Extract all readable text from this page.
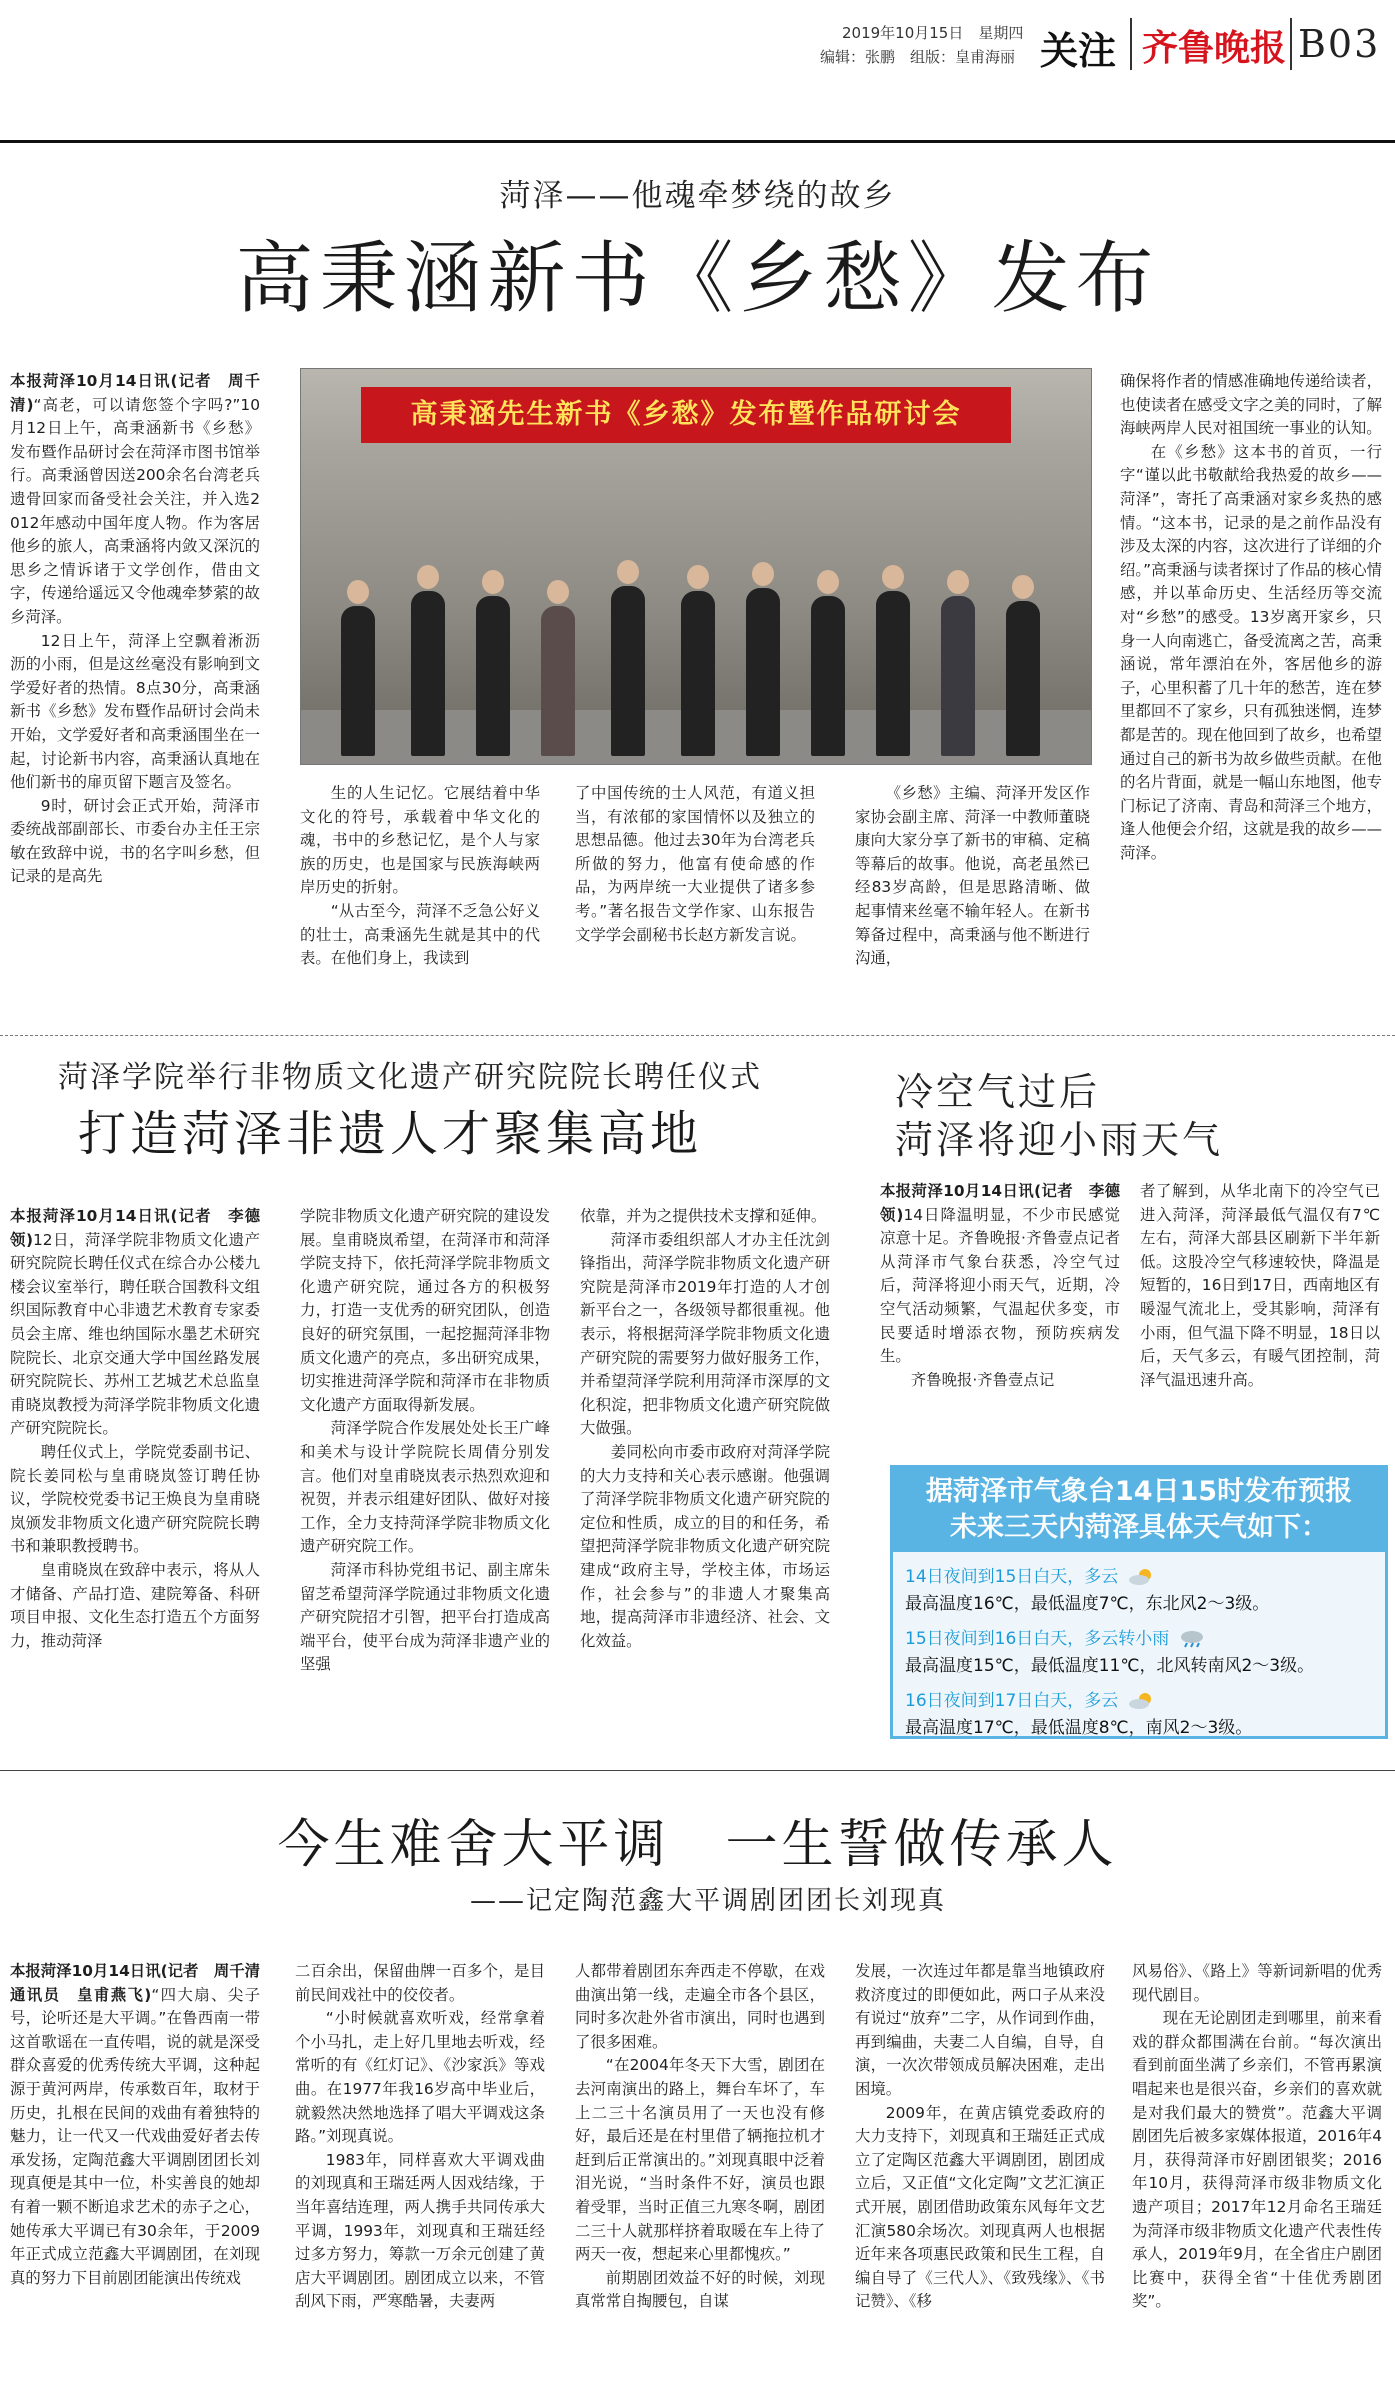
2019年10月15日　星期四
编辑：张鹏　组版：皇甫海丽 关注 齐鲁晚报 B03
菏泽——他魂牵梦绕的故乡
高秉涵新书《乡愁》发布

本报菏泽10月14日讯(记者　周千清)“高老，可以请您签个字吗?”10月12日上午，高秉涵新书《乡愁》发布暨作品研讨会在菏泽市图书馆举行。高秉涵曾因送200余名台湾老兵遗骨回家而备受社会关注，并入选2012年感动中国年度人物。作为客居他乡的旅人，高秉涵将内敛又深沉的思乡之情诉诸于文学创作，借由文字，传递给遥远又令他魂牵梦萦的故乡菏泽。

12日上午，菏泽上空飘着淅沥沥的小雨，但是这丝毫没有影响到文学爱好者的热情。8点30分，高秉涵新书《乡愁》发布暨作品研讨会尚未开始，文学爱好者和高秉涵围坐在一起，讨论新书内容，高秉涵认真地在他们新书的扉页留下题言及签名。

9时，研讨会正式开始，菏泽市委统战部副部长、市委台办主任王宗敏在致辞中说，书的名字叫乡愁，但记录的是高先

高秉涵先生新书《乡愁》发布暨作品研讨会

生的人生记忆。它展结着中华文化的符号，承载着中华文化的魂，书中的乡愁记忆，是个人与家族的历史，也是国家与民族海峡两岸历史的折射。

“从古至今，菏泽不乏急公好义的壮士，高秉涵先生就是其中的代表。在他们身上，我读到

了中国传统的士人风范，有道义担当，有浓郁的家国情怀以及独立的思想品德。他过去30年为台湾老兵所做的努力，他富有使命感的作品，为两岸统一大业提供了诸多参考。”著名报告文学作家、山东报告文学学会副秘书长赵方新发言说。

《乡愁》主编、菏泽开发区作家协会副主席、菏泽一中教师董晓康向大家分享了新书的审稿、定稿等幕后的故事。他说，高老虽然已经83岁高龄，但是思路清晰、做起事情来丝毫不输年轻人。在新书筹备过程中，高秉涵与他不断进行沟通，

确保将作者的情感准确地传递给读者，也使读者在感受文字之美的同时，了解海峡两岸人民对祖国统一事业的认知。

在《乡愁》这本书的首页，一行字“谨以此书敬献给我热爱的故乡——菏泽”，寄托了高秉涵对家乡炙热的感情。“这本书，记录的是之前作品没有涉及太深的内容，这次进行了详细的介绍。”高秉涵与读者探讨了作品的核心情感，并以革命历史、生活经历等交流对“乡愁”的感受。13岁离开家乡，只身一人向南逃亡，备受流离之苦，高秉涵说，常年漂泊在外，客居他乡的游子，心里积蓄了几十年的愁苦，连在梦里都回不了家乡，只有孤独迷惘，连梦都是苦的。现在他回到了故乡，也希望通过自己的新书为故乡做些贡献。在他的名片背面，就是一幅山东地图，他专门标记了济南、青岛和菏泽三个地方，逢人他便会介绍，这就是我的故乡——菏泽。

菏泽学院举行非物质文化遗产研究院院长聘任仪式
打造菏泽非遗人才聚集高地

本报菏泽10月14日讯(记者　李德领)12日，菏泽学院非物质文化遗产研究院院长聘任仪式在综合办公楼九楼会议室举行，聘任联合国教科文组织国际教育中心非遗艺术教育专家委员会主席、维也纳国际水墨艺术研究院院长、北京交通大学中国丝路发展研究院院长、苏州工艺城艺术总监皇甫晓岚教授为菏泽学院非物质文化遗产研究院院长。

聘任仪式上，学院党委副书记、院长姜同松与皇甫晓岚签订聘任协议，学院校党委书记王焕良为皇甫晓岚颁发非物质文化遗产研究院院长聘书和兼职教授聘书。

皇甫晓岚在致辞中表示，将从人才储备、产品打造、建院筹备、科研项目申报、文化生态打造五个方面努力，推动菏泽

学院非物质文化遗产研究院的建设发展。皇甫晓岚希望，在菏泽市和菏泽学院支持下，依托菏泽学院非物质文化遗产研究院，通过各方的积极努力，打造一支优秀的研究团队，创造良好的研究氛围，一起挖掘菏泽非物质文化遗产的亮点，多出研究成果，切实推进菏泽学院和菏泽市在非物质文化遗产方面取得新发展。

菏泽学院合作发展处处长王广峰和美术与设计学院院长周倩分别发言。他们对皇甫晓岚表示热烈欢迎和祝贺，并表示组建好团队、做好对接工作，全力支持菏泽学院非物质文化遗产研究院工作。

菏泽市科协党组书记、副主席朱留芝希望菏泽学院通过非物质文化遗产研究院招才引智，把平台打造成高端平台，使平台成为菏泽非遗产业的坚强

依靠，并为之提供技术支撑和延伸。

菏泽市委组织部人才办主任沈剑锋指出，菏泽学院非物质文化遗产研究院是菏泽市2019年打造的人才创新平台之一，各级领导都很重视。他表示，将根据菏泽学院非物质文化遗产研究院的需要努力做好服务工作，并希望菏泽学院利用菏泽市深厚的文化积淀，把非物质文化遗产研究院做大做强。

姜同松向市委市政府对菏泽学院的大力支持和关心表示感谢。他强调了菏泽学院非物质文化遗产研究院的定位和性质，成立的目的和任务，希望把菏泽学院非物质文化遗产研究院建成“政府主导，学校主体，市场运作，社会参与”的非遗人才聚集高地，提高菏泽市非遗经济、社会、文化效益。

冷空气过后
菏泽将迎小雨天气

本报菏泽10月14日讯(记者　李德领)14日降温明显，不少市民感觉凉意十足。齐鲁晚报·齐鲁壹点记者从菏泽市气象台获悉，冷空气过后，菏泽将迎小雨天气，近期，冷空气活动频繁，气温起伏多变，市民要适时增添衣物，预防疾病发生。

齐鲁晚报·齐鲁壹点记

者了解到，从华北南下的冷空气已进入菏泽，菏泽最低气温仅有7℃左右，菏泽大部县区刷新下半年新低。这股冷空气移速较快，降温是短暂的，16日到17日，西南地区有暖湿气流北上，受其影响，菏泽有小雨，但气温下降不明显，18日以后，天气多云，有暖气团控制，菏泽气温迅速升高。

据菏泽市气象台14日15时发布预报
未来三天内菏泽具体天气如下：
14日夜间到15日白天，多云
最高温度16℃，最低温度7℃，东北风2～3级。
15日夜间到16日白天，多云转小雨
最高温度15℃，最低温度11℃，北风转南风2～3级。
16日夜间到17日白天，多云
最高温度17℃，最低温度8℃，南风2～3级。
今生难舍大平调　一生誓做传承人
——记定陶范鑫大平调剧团团长刘现真

本报菏泽10月14日讯(记者　周千清　通讯员　皇甫燕飞)“四大扇、尖子号，论听还是大平调。”在鲁西南一带这首歌谣在一直传唱，说的就是深受群众喜爱的优秀传统大平调，这种起源于黄河两岸，传承数百年，取材于历史，扎根在民间的戏曲有着独特的魅力，让一代又一代戏曲爱好者去传承发扬，定陶范鑫大平调剧团团长刘现真便是其中一位，朴实善良的她却有着一颗不断追求艺术的赤子之心，她传承大平调已有30余年，于2009年正式成立范鑫大平调剧团，在刘现真的努力下目前剧团能演出传统戏

二百余出，保留曲牌一百多个，是目前民间戏社中的佼佼者。

“小时候就喜欢听戏，经常拿着个小马扎，走上好几里地去听戏，经常听的有《红灯记》、《沙家浜》等戏曲。在1977年我16岁高中毕业后，就毅然决然地选择了唱大平调戏这条路。”刘现真说。

1983年，同样喜欢大平调戏曲的刘现真和王瑞廷两人因戏结缘，于当年喜结连理，两人携手共同传承大平调，1993年，刘现真和王瑞廷经过多方努力，筹款一万余元创建了黄店大平调剧团。剧团成立以来，不管刮风下雨，严寒酷暑，夫妻两

人都带着剧团东奔西走不停歇，在戏曲演出第一线，走遍全市各个县区，同时多次赴外省市演出，同时也遇到了很多困难。

“在2004年冬天下大雪，剧团在去河南演出的路上，舞台车坏了，车上二三十名演员用了一天也没有修好，最后还是在村里借了辆拖拉机才赶到后正常演出的。”刘现真眼中泛着泪光说，“当时条件不好，演员也跟着受罪，当时正值三九寒冬啊，剧团二三十人就那样挤着取暖在车上待了两天一夜，想起来心里都愧疚。”

前期剧团效益不好的时候，刘现真常常自掏腰包，自谋

发展，一次连过年都是靠当地镇政府救济度过的即便如此，两口子从来没有说过“放弃”二字，从作词到作曲，再到编曲，夫妻二人自编，自导，自演，一次次带领成员解决困难，走出困境。

2009年，在黄店镇党委政府的大力支持下，刘现真和王瑞廷正式成立了定陶区范鑫大平调剧团，剧团成立后，又正值“文化定陶”文艺汇演正式开展，剧团借助政策东风每年文艺汇演580余场次。刘现真两人也根据近年来各项惠民政策和民生工程，自编自导了《三代人》、《致残缘》、《书记赞》、《移

风易俗》、《路上》等新词新唱的优秀现代剧目。

现在无论剧团走到哪里，前来看戏的群众都围满在台前。“每次演出看到前面坐满了乡亲们，不管再累演唱起来也是很兴奋，乡亲们的喜欢就是对我们最大的赞赏”。范鑫大平调剧团先后被多家媒体报道，2016年4月，获得菏泽市好剧团银奖；2016年10月，获得菏泽市级非物质文化遗产项目；2017年12月命名王瑞廷为菏泽市级非物质文化遗产代表性传承人，2019年9月，在全省庄户剧团比赛中，获得全省“十佳优秀剧团奖”。
